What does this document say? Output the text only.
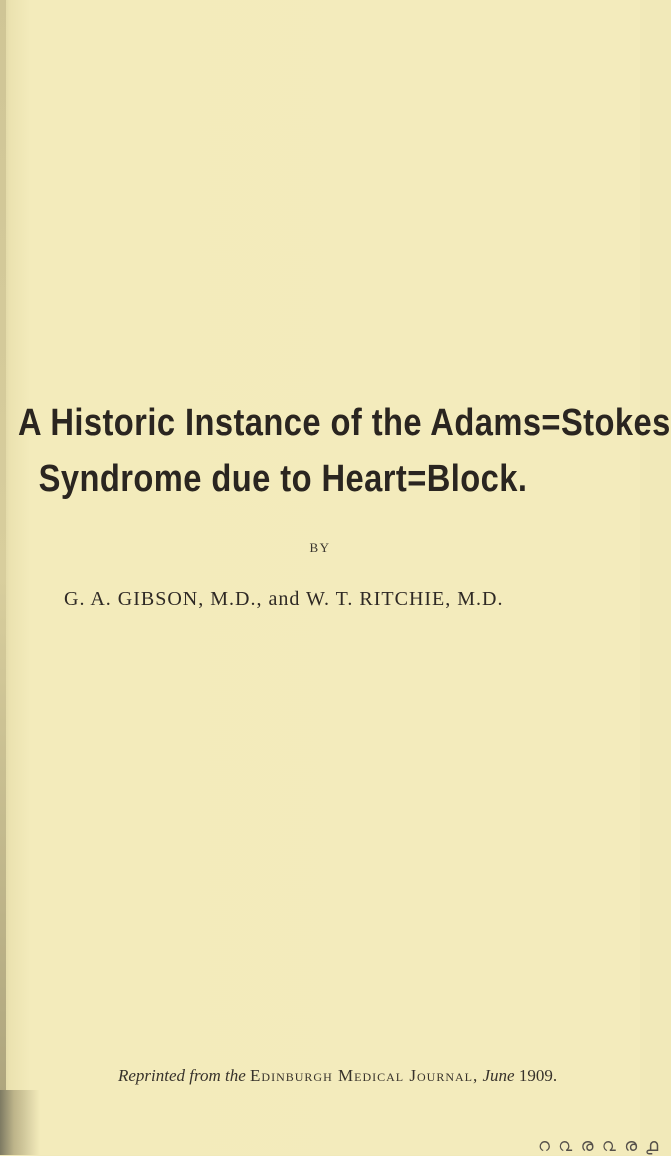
A Historic Instance of the Adams=Stokes
Syndrome due to Heart=Block.
BY
G. A. GIBSON, M.D., and W. T. RITCHIE, M.D.
Reprinted from the Edinburgh Medical Journal, June 1909.
റ ൨ ര ൨ ര ൧
